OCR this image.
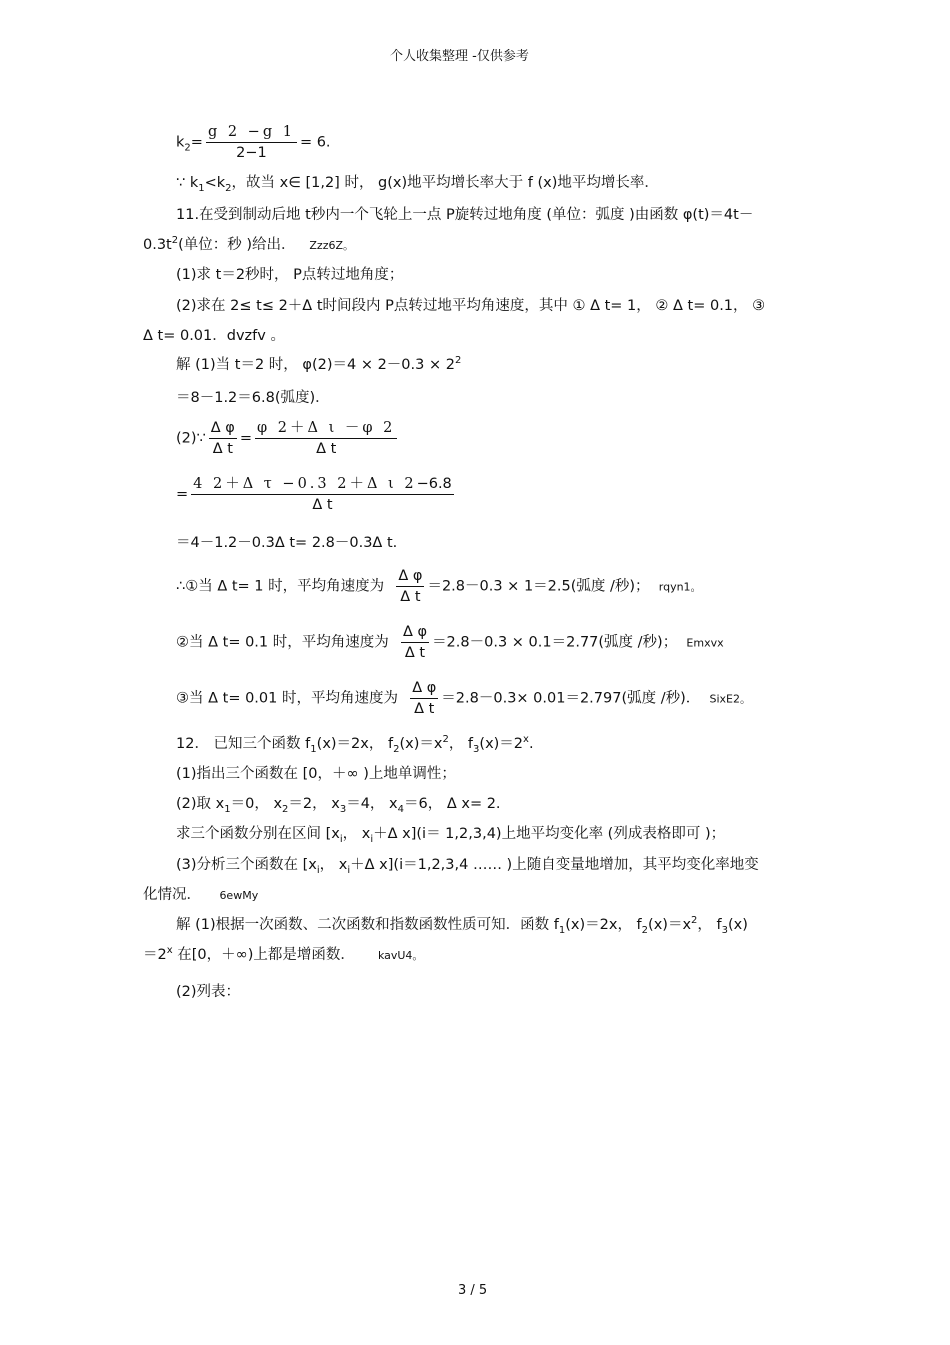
个人收集整理 -仅供参考
$k_2= \frac{g 2 -g 1}{2-1} = 6$.
∵ $k_1<k_2$，故当 x∈ [1,2] 时， g(x)地平均增长率大于 f (x)地平均增长率．
11.在受到制动后地 t秒内一个飞轮上一点 P旋转过地角度 (单位：弧度 )由函数 φ(t)＝4t－
$0.3t^2$(单位：秒 )给出． Zzz6Z。
(1)求 t＝2秒时， P点转过地角度；
(2)求在 2≤ t≤ 2＋Δ t时间段内 P点转过地平均角速度，其中 ① Δ t= 1， ② Δ t= 0.1， ③
Δ t= 0.01．dvzfv 。
解 (1)当 t＝2 时， $\varphi(2)=4 \times 2-0.3 \times 2^2$
＝8－1.2＝6.8(弧度)．
(2)∵ $\frac{\text{Δ φ}}{\text{Δ t}} = \frac{\text{φ 2＋Δ ι －φ 2}}{\text{Δ t}}$
= $\frac{\text{4 2＋Δ τ −0.3 2＋Δ ι 2−6.8}}{\text{Δ t}}$
＝4－1.2－0.3Δ t= 2.8－0.3Δ t.
∴①当 Δ t= 1 时，平均角速度为 $\frac{\text{Δ φ}}{\text{Δ t}} =2.8-0.3 \times 1=2.5$(弧度 /秒)； rqyn1。
②当 Δ t= 0.1 时，平均角速度为 $\frac{\text{Δ φ}}{\text{Δ t}} =2.8-0.3 \times 0.1=2.77$(弧度 /秒)； Emxvx
③当 Δ t= 0.01 时，平均角速度为 $\frac{\text{Δ φ}}{\text{Δ t}} =2.8-0.3\times 0.01=2.797$(弧度 /秒)． SixE2。
12． 已知三个函数 $f_1(x)=2x$， $f_2(x)=x^2$， $f_3(x)=2^x$.
(1)指出三个函数在 [0，＋∞ )上地单调性；
(2)取 $x_1=0$， $x_2=2$， $x_3=4$， $x_4=6$， Δ x= 2.
求三个函数分别在区间 [$x_i$， $x_i+\Delta$ x](i＝ 1,2,3,4)上地平均变化率 (列成表格即可 )；
(3)分析三个函数在 [$x_i$， $x_i+\Delta$ x](i＝1,2,3,4 …… )上随自变量地增加，其平均变化率地变
化情况． 6ewMy
解 (1)根据一次函数、二次函数和指数函数性质可知．函数 $f_1(x)=2x$， $f_2(x)=x^2$， $f_3(x)$
$=2^x$ 在[0，＋∞)上都是增函数． kavU4。
(2)列表：
3 / 5
